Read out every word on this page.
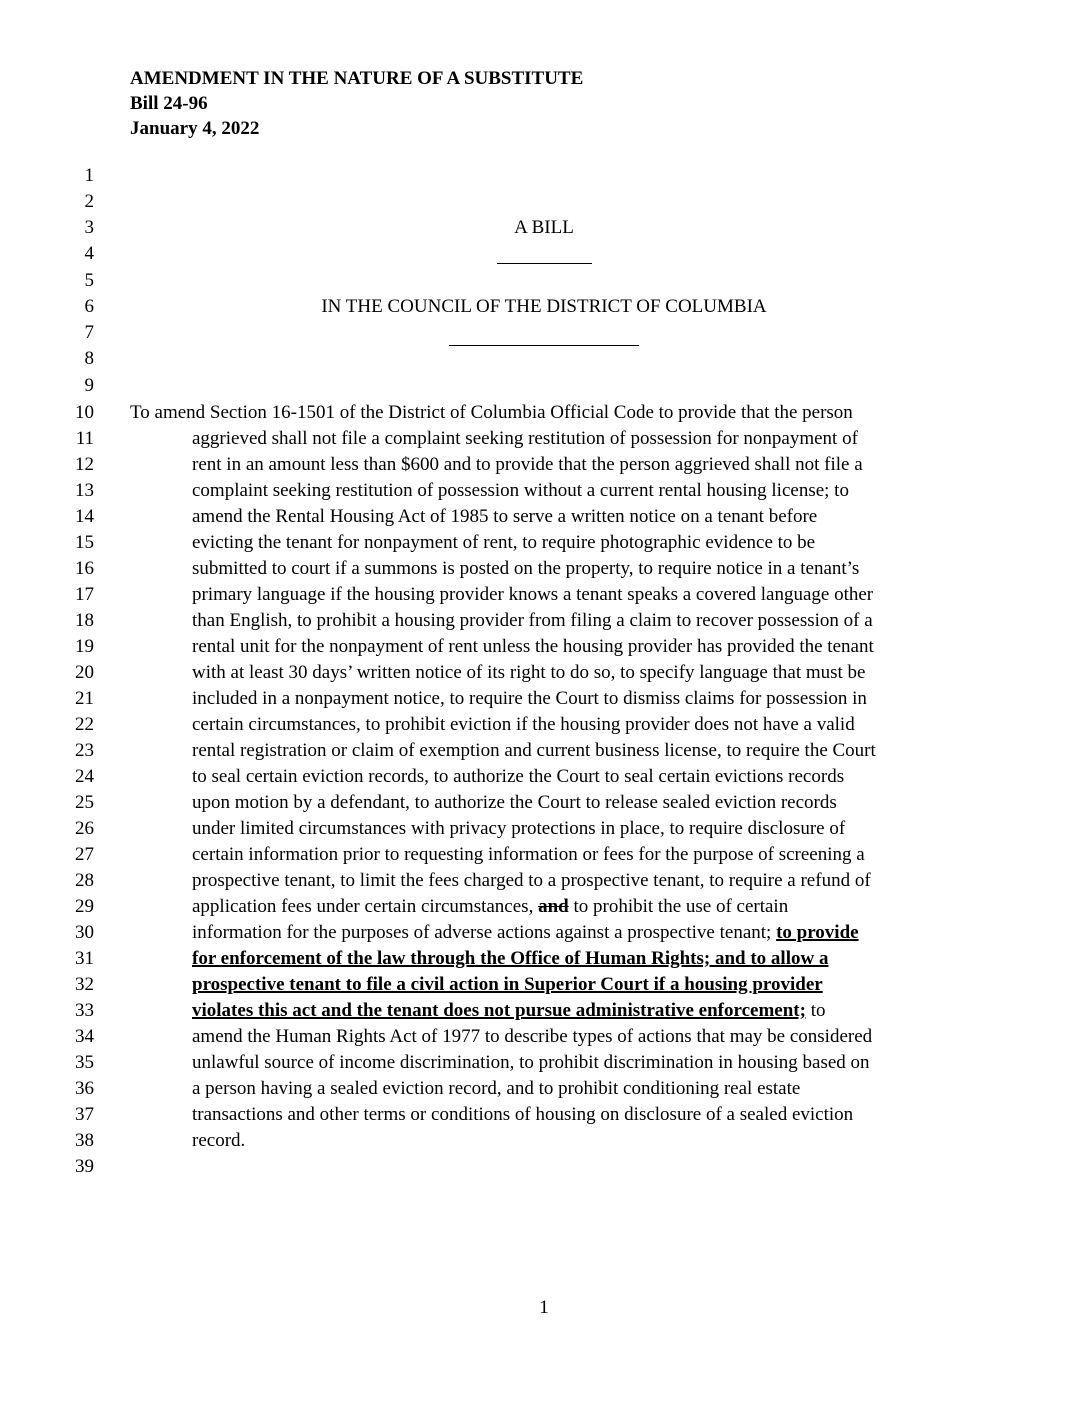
AMENDMENT IN THE NATURE OF A SUBSTITUTE
Bill 24-96
January 4, 2022
1
2
3
4
5
6
7
8
9
10
11
12
13
14
15
16
17
18
19
20
21
22
23
24
25
26
27
28
29
30
31
32
33
34
35
36
37
38
39
A BILL
IN THE COUNCIL OF THE DISTRICT OF COLUMBIA
To amend Section 16-1501 of the District of Columbia Official Code to provide that the person
aggrieved shall not file a complaint seeking restitution of possession for nonpayment of
rent in an amount less than $600 and to provide that the person aggrieved shall not file a
complaint seeking restitution of possession without a current rental housing license; to
amend the Rental Housing Act of 1985 to serve a written notice on a tenant before
evicting the tenant for nonpayment of rent, to require photographic evidence to be
submitted to court if a summons is posted on the property, to require notice in a tenant’s
primary language if the housing provider knows a tenant speaks a covered language other
than English, to prohibit a housing provider from filing a claim to recover possession of a
rental unit for the nonpayment of rent unless the housing provider has provided the tenant
with at least 30 days’ written notice of its right to do so, to specify language that must be
included in a nonpayment notice, to require the Court to dismiss claims for possession in
certain circumstances, to prohibit eviction if the housing provider does not have a valid
rental registration or claim of exemption and current business license, to require the Court
to seal certain eviction records, to authorize the Court to seal certain evictions records
upon motion by a defendant, to authorize the Court to release sealed eviction records
under limited circumstances with privacy protections in place, to require disclosure of
certain information prior to requesting information or fees for the purpose of screening a
prospective tenant, to limit the fees charged to a prospective tenant, to require a refund of
application fees under certain circumstances, and to prohibit the use of certain
information for the purposes of adverse actions against a prospective tenant; to provide
for enforcement of the law through the Office of Human Rights; and to allow a
prospective tenant to file a civil action in Superior Court if a housing provider
violates this act and the tenant does not pursue administrative enforcement; to
amend the Human Rights Act of 1977 to describe types of actions that may be considered
unlawful source of income discrimination, to prohibit discrimination in housing based on
a person having a sealed eviction record, and to prohibit conditioning real estate
transactions and other terms or conditions of housing on disclosure of a sealed eviction
record.
1
